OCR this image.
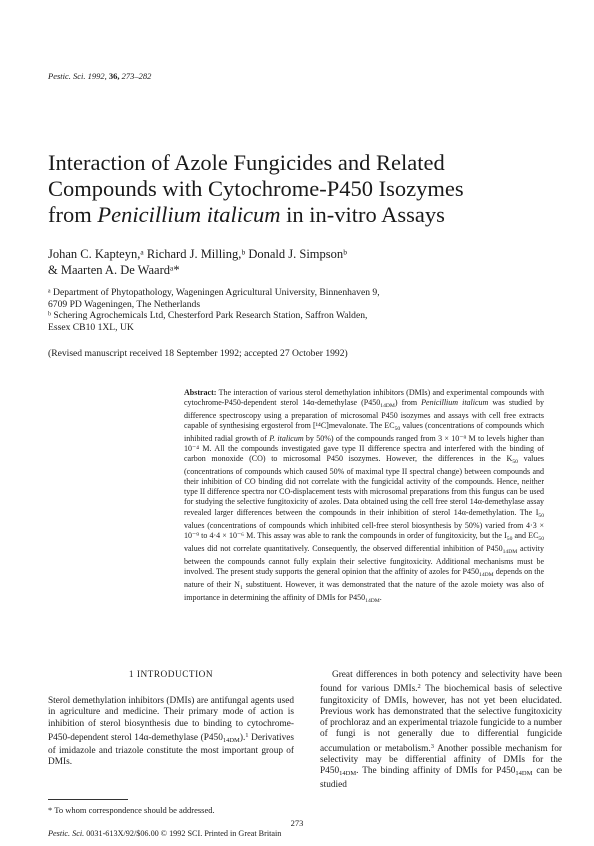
Pestic. Sci. 1992, 36, 273–282
Interaction of Azole Fungicides and Related
Compounds with Cytochrome-P450 Isozymes
from Penicillium italicum in in-vitro Assays
Johan C. Kapteyn,ᵃ Richard J. Milling,ᵇ Donald J. Simpsonᵇ
& Maarten A. De Waardᵃ*
ᵃ Department of Phytopathology, Wageningen Agricultural University, Binnenhaven 9,
6709 PD Wageningen, The Netherlands
ᵇ Schering Agrochemicals Ltd, Chesterford Park Research Station, Saffron Walden,
Essex CB10 1XL, UK
(Revised manuscript received 18 September 1992; accepted 27 October 1992)
Abstract: The interaction of various sterol demethylation inhibitors (DMIs) and experimental compounds with cytochrome-P450-dependent sterol 14α-demethylase $(P450_{14DM})$ from Penicillium italicum was studied by difference spectroscopy using a preparation of microsomal P450 isozymes and assays with cell free extracts capable of synthesising ergosterol from [¹⁴C]mevalonate. The $EC_{50}$ values (concentrations of compounds which inhibited radial growth of P. italicum by 50%) of the compounds ranged from 3 × 10⁻⁹ M to levels higher than 10⁻⁴ M. All the compounds investigated gave type II difference spectra and interfered with the binding of carbon monoxide (CO) to microsomal P450 isozymes. However, the differences in the $K_{50}$ values (concentrations of compounds which caused 50% of maximal type II spectral change) between compounds and their inhibition of CO binding did not correlate with the fungicidal activity of the compounds. Hence, neither type II difference spectra nor CO-displacement tests with microsomal preparations from this fungus can be used for studying the selective fungitoxicity of azoles. Data obtained using the cell free sterol 14α-demethylase assay revealed larger differences between the compounds in their inhibition of sterol 14α-demethylation. The $I_{50}$ values (concentrations of compounds which inhibited cell-free sterol biosynthesis by 50%) varied from 4·3 × 10⁻⁹ to 4·4 × 10⁻⁶ M. This assay was able to rank the compounds in order of fungitoxicity, but the $I_{50}$ and $EC_{50}$ values did not correlate quantitatively. Consequently, the observed differential inhibition of $P450_{14DM}$ activity between the compounds cannot fully explain their selective fungitoxicity. Additional mechanisms must be involved. The present study supports the general opinion that the affinity of azoles for $P450_{14DM}$ depends on the nature of their $N_1$ substituent. However, it was demonstrated that the nature of the azole moiety was also of importance in determining the affinity of DMIs for $P450_{14DM}$.
1 INTRODUCTION
Sterol demethylation inhibitors (DMIs) are antifungal agents used in agriculture and medicine. Their primary mode of action is inhibition of sterol biosynthesis due to binding to cytochrome-P450-dependent sterol 14α-demethylase $(P450_{14DM}).^1$ Derivatives of imidazole and triazole constitute the most important group of DMIs.
Great differences in both potency and selectivity have been found for various DMIs.$^2$ The biochemical basis of selective fungitoxicity of DMIs, however, has not yet been elucidated. Previous work has demonstrated that the selective fungitoxicity of prochloraz and an experimental triazole fungicide to a number of fungi is not generally due to differential fungicide accumulation or metabolism.$^3$ Another possible mechanism for selectivity may be differential affinity of DMIs for the $P450_{14DM}$. The binding affinity of DMIs for $P450_{14DM}$ can be studied
* To whom correspondence should be addressed.
273
Pestic. Sci. 0031-613X/92/$06.00 © 1992 SCI. Printed in Great Britain
